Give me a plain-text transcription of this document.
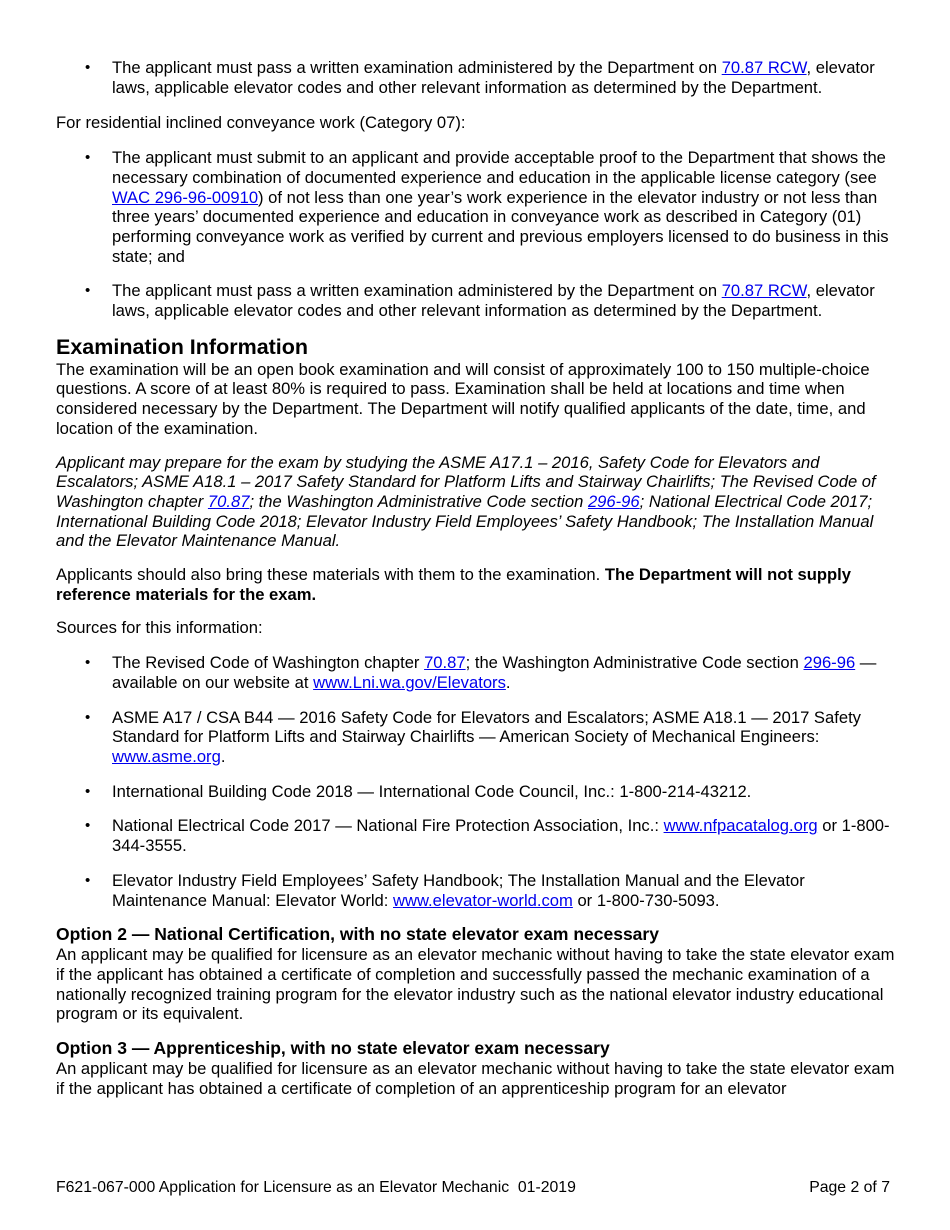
• The applicant must pass a written examination administered by the Department on 70.87 RCW, elevator laws, applicable elevator codes and other relevant information as determined by the Department.

For residential inclined conveyance work (Category 07):

• The applicant must submit to an applicant and provide acceptable proof to the Department that shows the necessary combination of documented experience and education in the applicable license category (see WAC 296-96-00910) of not less than one year’s work experience in the elevator industry or not less than three years’ documented experience and education in conveyance work as described in Category (01) performing conveyance work as verified by current and previous employers licensed to do business in this state; and
• The applicant must pass a written examination administered by the Department on 70.87 RCW, elevator laws, applicable elevator codes and other relevant information as determined by the Department.
Examination Information

The examination will be an open book examination and will consist of approximately 100 to 150 multiple-choice questions. A score of at least 80% is required to pass. Examination shall be held at locations and time when considered necessary by the Department. The Department will notify qualified applicants of the date, time, and location of the examination.

Applicant may prepare for the exam by studying the ASME A17.1 – 2016, Safety Code for Elevators and Escalators; ASME A18.1 – 2017 Safety Standard for Platform Lifts and Stairway Chairlifts; The Revised Code of Washington chapter 70.87; the Washington Administrative Code section 296-96; National Electrical Code 2017; International Building Code 2018; Elevator Industry Field Employees’ Safety Handbook; The Installation Manual and the Elevator Maintenance Manual.

Applicants should also bring these materials with them to the examination. The Department will not supply reference materials for the exam.

Sources for this information:

• The Revised Code of Washington chapter 70.87; the Washington Administrative Code section 296-96 — available on our website at www.Lni.wa.gov/Elevators.
• ASME A17 / CSA B44 — 2016 Safety Code for Elevators and Escalators; ASME A18.1 — 2017 Safety Standard for Platform Lifts and Stairway Chairlifts — American Society of Mechanical Engineers: www.asme.org.
• International Building Code 2018 — International Code Council, Inc.: 1-800-214-43212.
• National Electrical Code 2017 — National Fire Protection Association, Inc.: www.nfpacatalog.org or 1-800-344-3555.
• Elevator Industry Field Employees’ Safety Handbook; The Installation Manual and the Elevator Maintenance Manual: Elevator World: www.elevator-world.com or 1-800-730-5093.
Option 2 — National Certification, with no state elevator exam necessary

An applicant may be qualified for licensure as an elevator mechanic without having to take the state elevator exam if the applicant has obtained a certificate of completion and successfully passed the mechanic examination of a nationally recognized training program for the elevator industry such as the national elevator industry educational program or its equivalent.

Option 3 — Apprenticeship, with no state elevator exam necessary

An applicant may be qualified for licensure as an elevator mechanic without having to take the state elevator exam if the applicant has obtained a certificate of completion of an apprenticeship program for an elevator

F621-067-000 Application for Licensure as an Elevator Mechanic  01-2019	Page 2 of 7
